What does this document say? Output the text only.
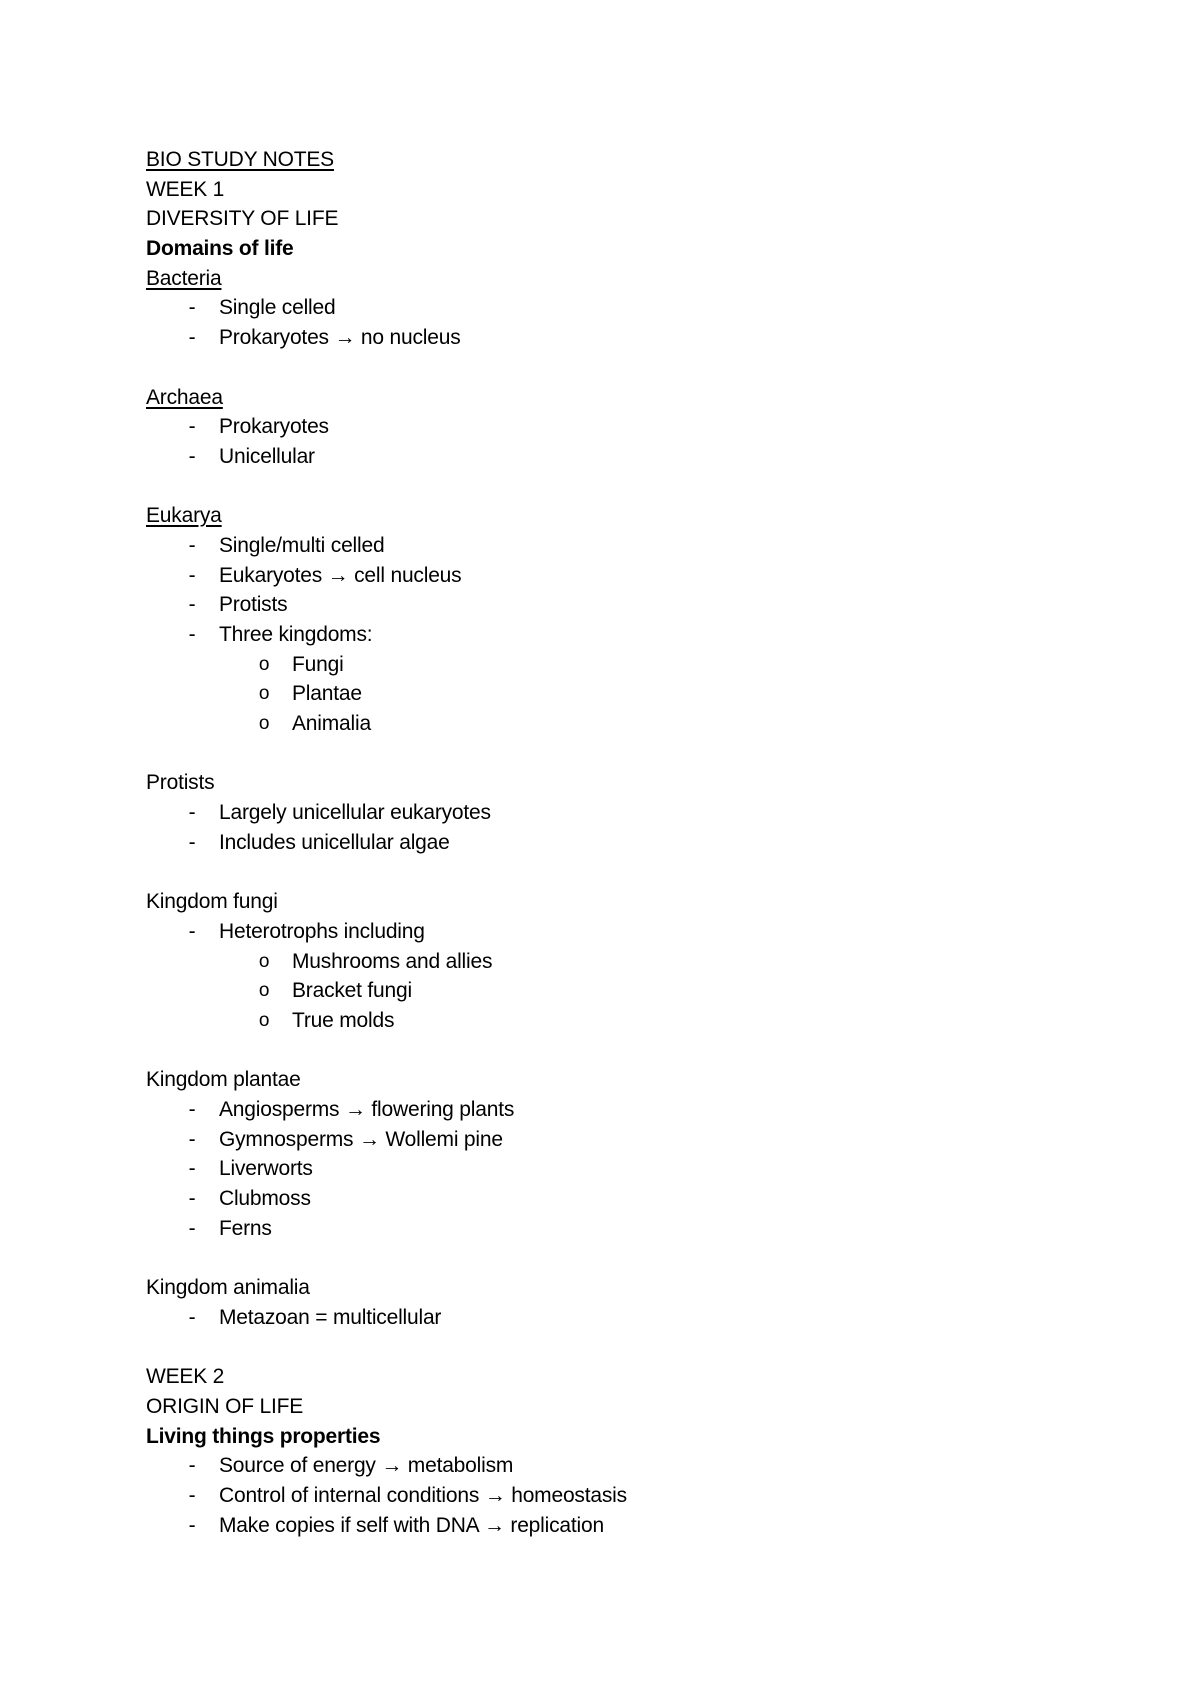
BIO STUDY NOTES
WEEK 1
DIVERSITY OF LIFE
Domains of life
Bacteria
-	Single celled
-	Prokaryotes → no nucleus
Archaea
-	Prokaryotes
-	Unicellular
Eukarya
-	Single/multi celled
-	Eukaryotes → cell nucleus
-	Protists
-	Three kingdoms:
o Fungi
o Plantae
o Animalia
Protists
-	Largely unicellular eukaryotes
-	Includes unicellular algae
Kingdom fungi
-	Heterotrophs including
o Mushrooms and allies
o Bracket fungi
o True molds
Kingdom plantae
-	Angiosperms → flowering plants
-	Gymnosperms → Wollemi pine
-	Liverworts
-	Clubmoss
-	Ferns
Kingdom animalia
-	Metazoan = multicellular
WEEK 2
ORIGIN OF LIFE
Living things properties
-	Source of energy → metabolism
-	Control of internal conditions → homeostasis
-	Make copies if self with DNA → replication
